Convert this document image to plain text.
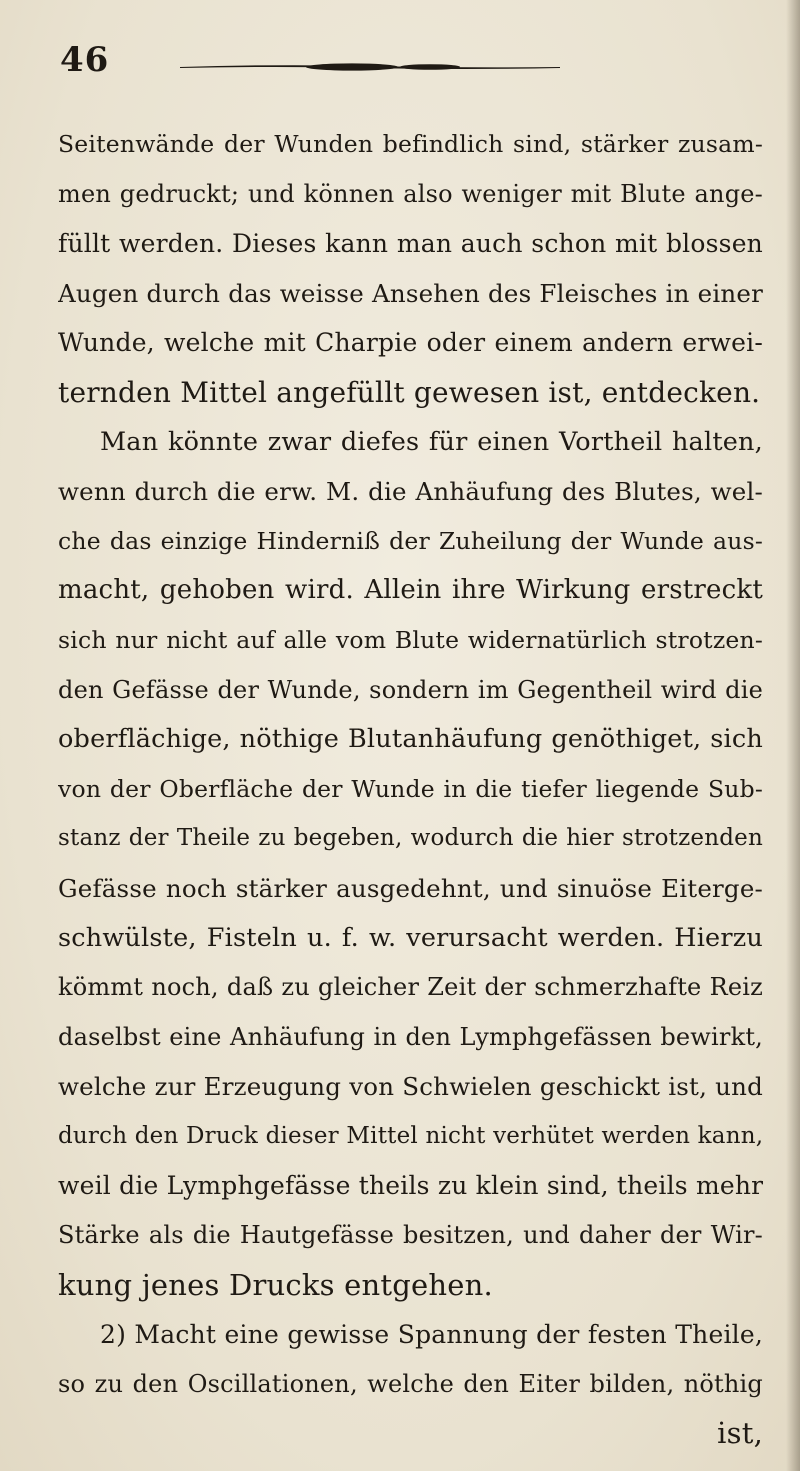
46
Seitenwände der Wunden befindlich sind, stärker zusam-
men gedruckt; und können also weniger mit Blute ange-
füllt werden. Dieses kann man auch schon mit blossen
Augen durch das weisse Ansehen des Fleisches in einer
Wunde, welche mit Charpie oder einem andern erwei-
ternden Mittel angefüllt gewesen ist, entdecken.
Man könnte zwar diefes für einen Vortheil halten,
wenn durch die erw. M. die Anhäufung des Blutes, wel-
che das einzige Hinderniß der Zuheilung der Wunde aus-
macht, gehoben wird. Allein ihre Wirkung erstreckt
sich nur nicht auf alle vom Blute widernatürlich strotzen-
den Gefässe der Wunde, sondern im Gegentheil wird die
oberflächige, nöthige Blutanhäufung genöthiget, sich
von der Oberfläche der Wunde in die tiefer liegende Sub-
stanz der Theile zu begeben, wodurch die hier strotzenden
Gefässe noch stärker ausgedehnt, und sinuöse Eiterge-
schwülste, Fisteln u. f. w. verursacht werden. Hierzu
kömmt noch, daß zu gleicher Zeit der schmerzhafte Reiz
daselbst eine Anhäufung in den Lymphgefässen bewirkt,
welche zur Erzeugung von Schwielen geschickt ist, und
durch den Druck dieser Mittel nicht verhütet werden kann,
weil die Lymphgefässe theils zu klein sind, theils mehr
Stärke als die Hautgefässe besitzen, und daher der Wir-
kung jenes Drucks entgehen.
2) Macht eine gewisse Spannung der festen Theile,
so zu den Oscillationen, welche den Eiter bilden, nöthig
ist,
